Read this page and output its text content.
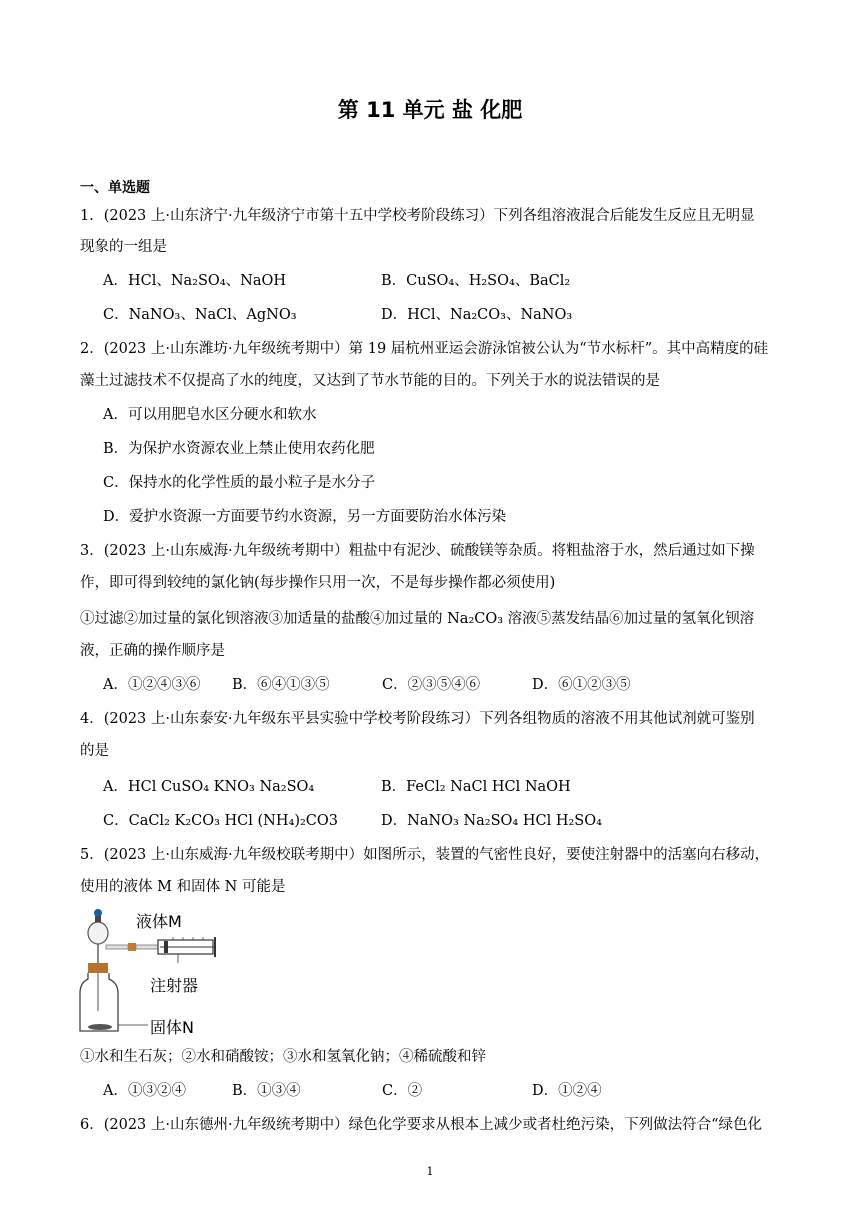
第 11 单元 盐 化肥
一、单选题
1．(2023 上·山东济宁·九年级济宁市第十五中学校考阶段练习）下列各组溶液混合后能发生反应且无明显
现象的一组是
A．HCl、Na₂SO₄、NaOH	B．CuSO₄、H₂SO₄、BaCl₂
C．NaNO₃、NaCl、AgNO₃	D．HCl、Na₂CO₃、NaNO₃
2．(2023 上·山东潍坊·九年级统考期中）第 19 届杭州亚运会游泳馆被公认为“节水标杆”。其中高精度的硅
藻土过滤技术不仅提高了水的纯度，又达到了节水节能的目的。下列关于水的说法错误的是
A．可以用肥皂水区分硬水和软水
B．为保护水资源农业上禁止使用农药化肥
C．保持水的化学性质的最小粒子是水分子
D．爱护水资源一方面要节约水资源，另一方面要防治水体污染
3．(2023 上·山东威海·九年级统考期中）粗盐中有泥沙、硫酸镁等杂质。将粗盐溶于水，然后通过如下操
作，即可得到较纯的氯化钠(每步操作只用一次，不是每步操作都必须使用)
①过滤②加过量的氯化钡溶液③加适量的盐酸④加过量的 Na₂CO₃ 溶液⑤蒸发结晶⑥加过量的氢氧化钡溶
液，正确的操作顺序是
A．①②④③⑥ B．⑥④①③⑤	C．②③⑤④⑥	D．⑥①②③⑤
4．(2023 上·山东泰安·九年级东平县实验中学校考阶段练习）下列各组物质的溶液不用其他试剂就可鉴别
的是
A．HCl CuSO₄ KNO₃ Na₂SO₄	B．FeCl₂ NaCl HCl NaOH
C．CaCl₂ K₂CO₃ HCl (NH₄)₂CO3	D．NaNO₃ Na₂SO₄ HCl H₂SO₄
5．(2023 上·山东威海·九年级校联考期中）如图所示，装置的气密性良好，要使注射器中的活塞向右移动，
使用的液体 M 和固体 N 可能是
液体M
注射器
固体N
①水和生石灰；②水和硝酸铵；③水和氢氧化钠；④稀硫酸和锌
A．①③②④	B．①③④	C．②	D．①②④
6．(2023 上·山东德州·九年级统考期中）绿色化学要求从根本上减少或者杜绝污染，下列做法符合“绿色化
1
